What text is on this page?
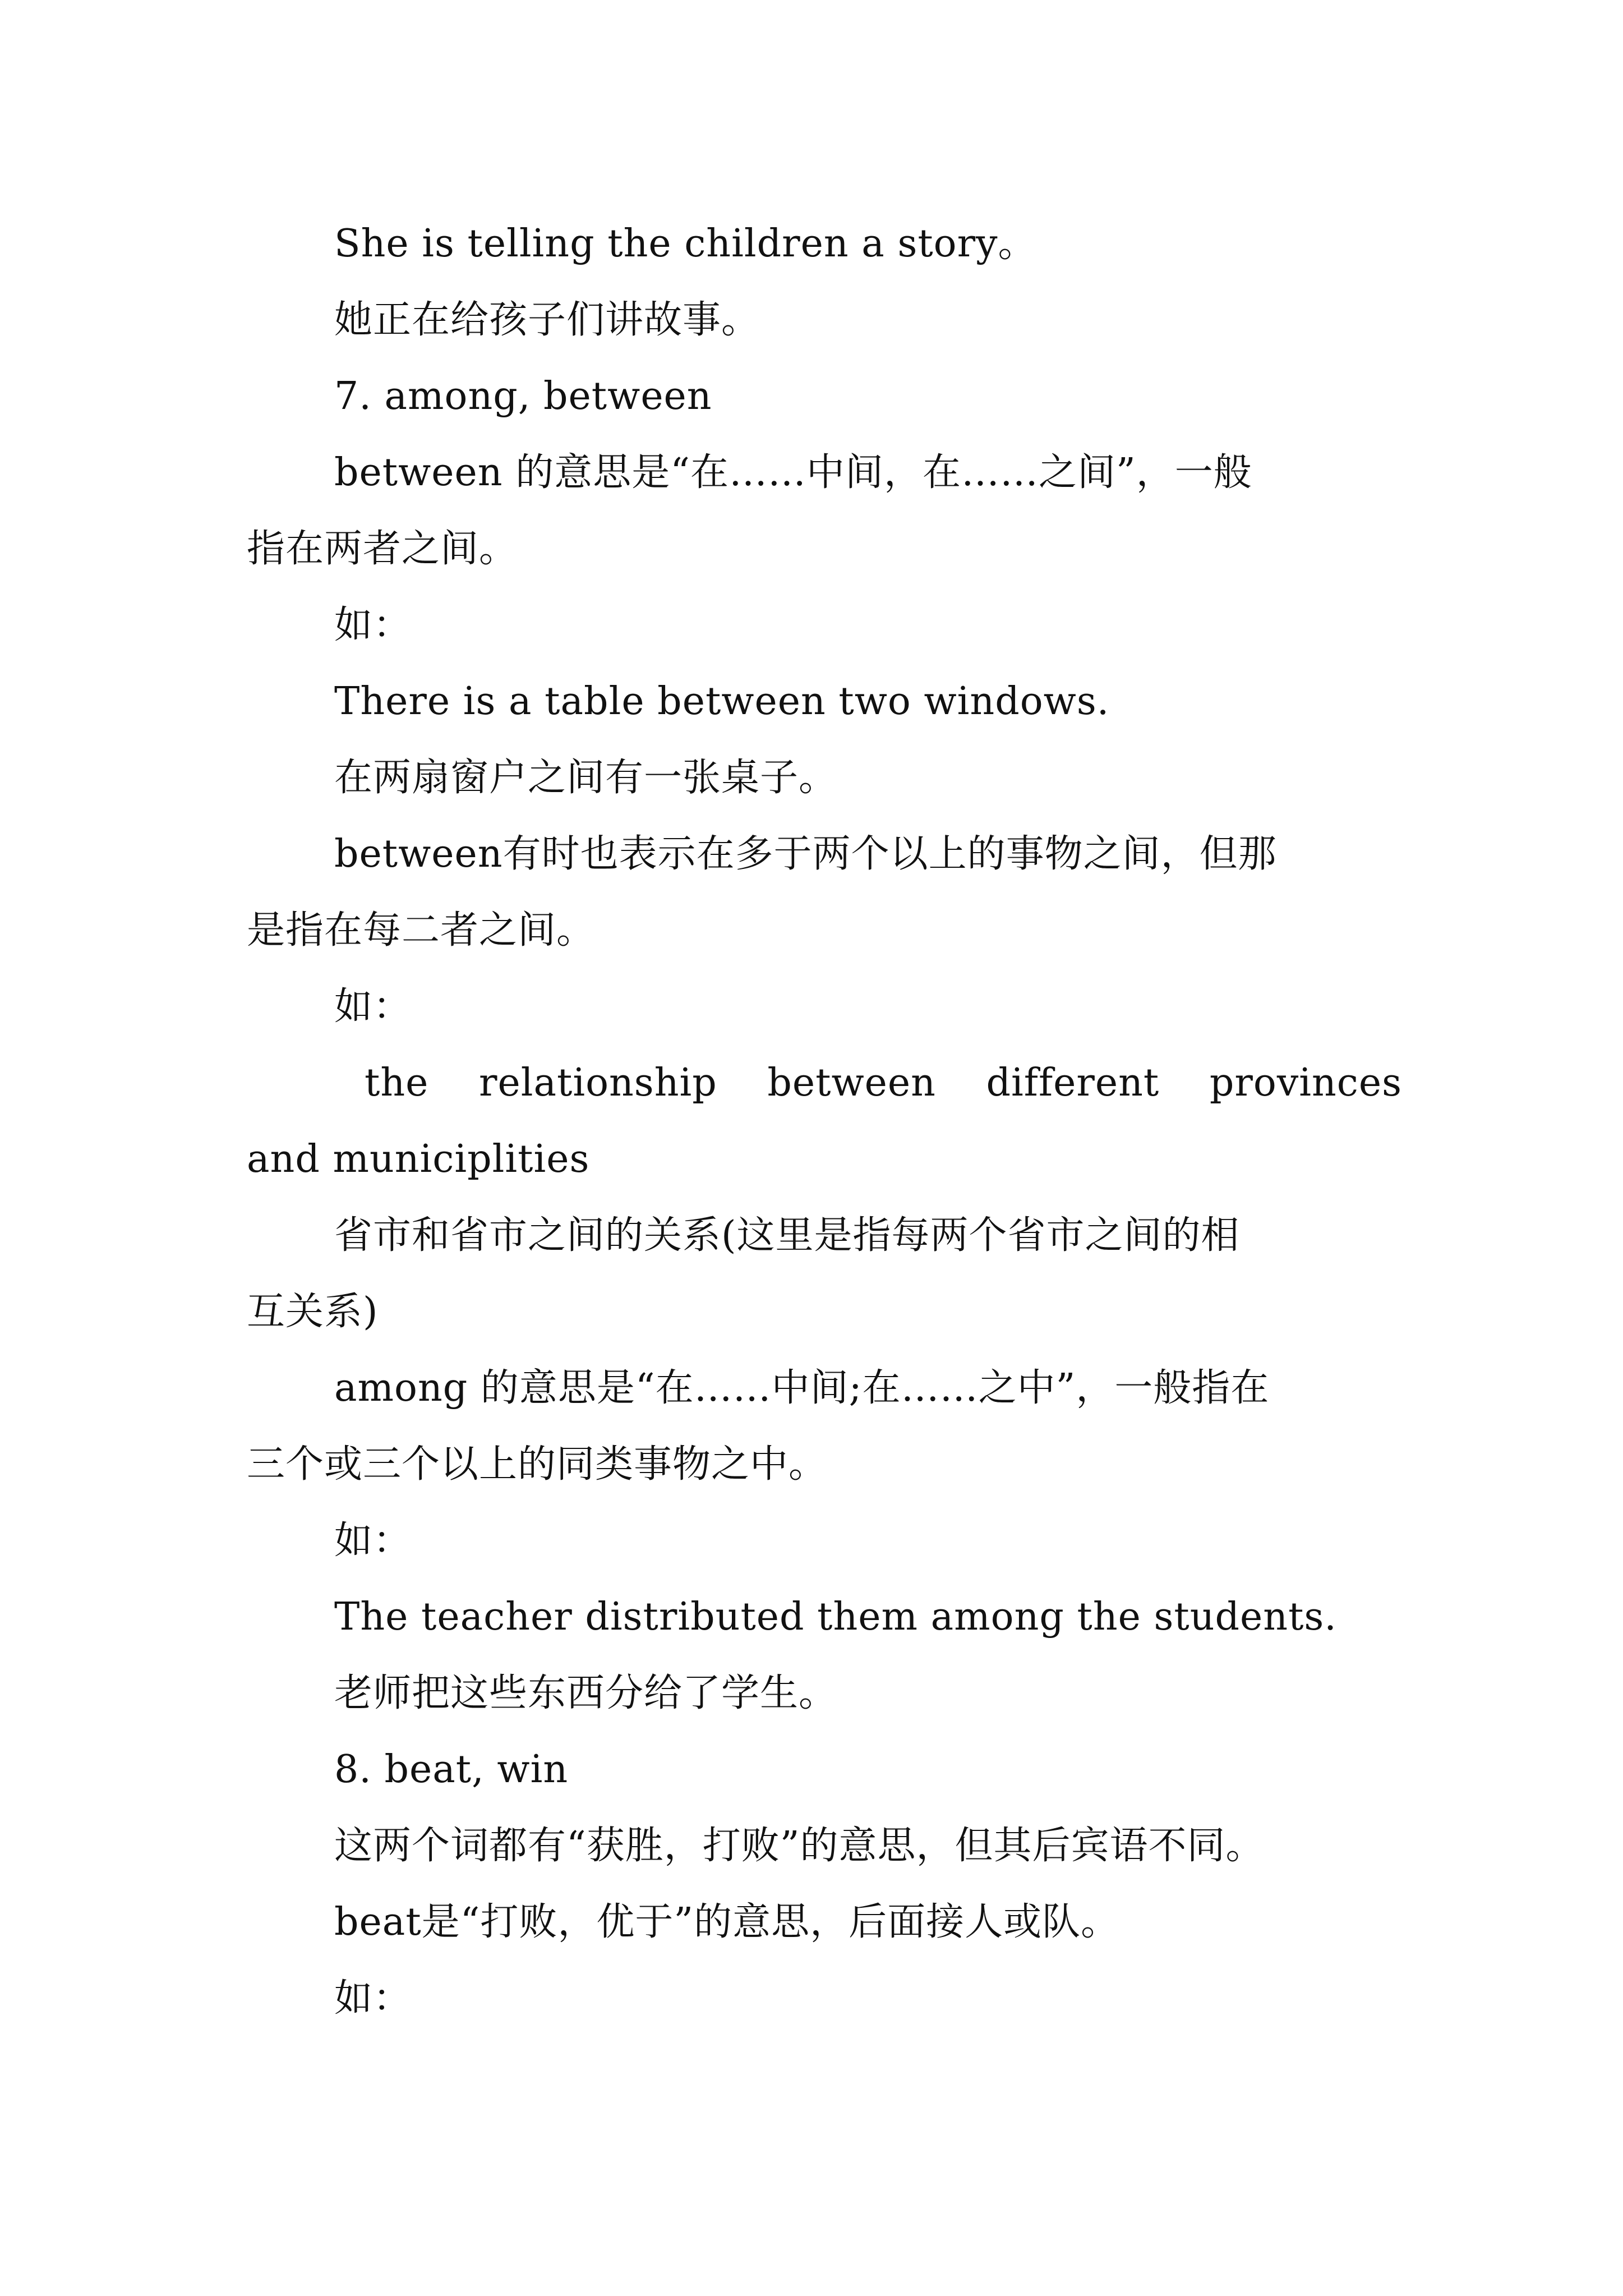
She is telling the children a story。
她正在给孩子们讲故事。
7. among, between
between 的意思是“在……中间，在……之间”，一般
指在两者之间。
如：
There is a table between two windows.
在两扇窗户之间有一张桌子。
between有时也表示在多于两个以上的事物之间，但那
是指在每二者之间。
如：
the relationship between different provinces
and municiplities
省市和省市之间的关系(这里是指每两个省市之间的相
互关系)
among 的意思是“在……中间;在……之中”，一般指在
三个或三个以上的同类事物之中。
如：
The teacher distributed them among the students.
老师把这些东西分给了学生。
8. beat, win
这两个词都有“获胜，打败”的意思，但其后宾语不同。
beat是“打败，优于”的意思，后面接人或队。
如：
